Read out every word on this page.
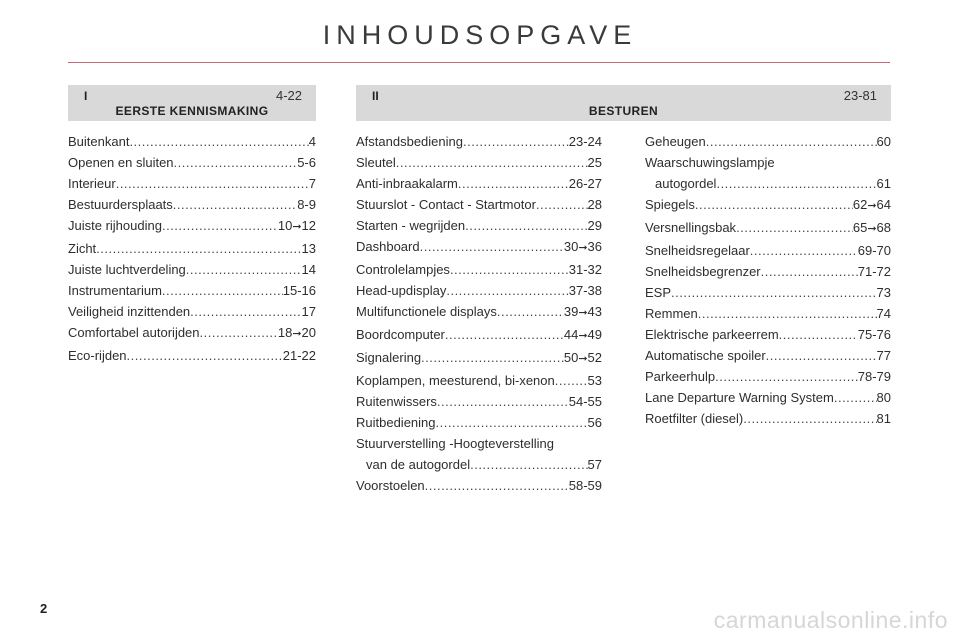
INHOUDSOPGAVE
I	4-22
EERSTE KENNISMAKING
II	23-81
BESTUREN
Buitenkant .....	4
Openen en sluiten .....	5-6
Interieur .....	7
Bestuurdersplaats .....	8-9
Juiste rijhouding .....	10➞12
Zicht .....	13
Juiste luchtverdeling .....	14
Instrumentarium .....	15-16
Veiligheid inzittenden .....	17
Comfortabel autorijden .....	18➞20
Eco-rijden .....	21-22
Afstandsbediening .....	23-24
Sleutel .....	25
Anti-inbraakalarm .....	26-27
Stuurslot - Contact - Startmotor .....	28
Starten - wegrijden .....	29
Dashboard .....	30➞36
Controlelampjes .....	31-32
Head-updisplay .....	37-38
Multifunctionele displays .....	39➞43
Boordcomputer .....	44➞49
Signalering .....	50➞52
Koplampen, meesturend, bi-xenon .....	53
Ruitenwissers .....	54-55
Ruitbediening .....	56
Stuurverstelling -Hoogteverstelling
van de autogordel .....	57
Voorstoelen .....	58-59
Geheugen .....	60
Waarschuwingslampje
autogordel .....	61
Spiegels .....	62➞64
Versnellingsbak .....	65➞68
Snelheidsregelaar .....	69-70
Snelheidsbegrenzer .....	71-72
ESP .....	73
Remmen .....	74
Elektrische parkeerrem .....	75-76
Automatische spoiler .....	77
Parkeerhulp .....	78-79
Lane Departure Warning System .....	80
Roetfilter (diesel) .....	81
2	carmanualsonline.info
